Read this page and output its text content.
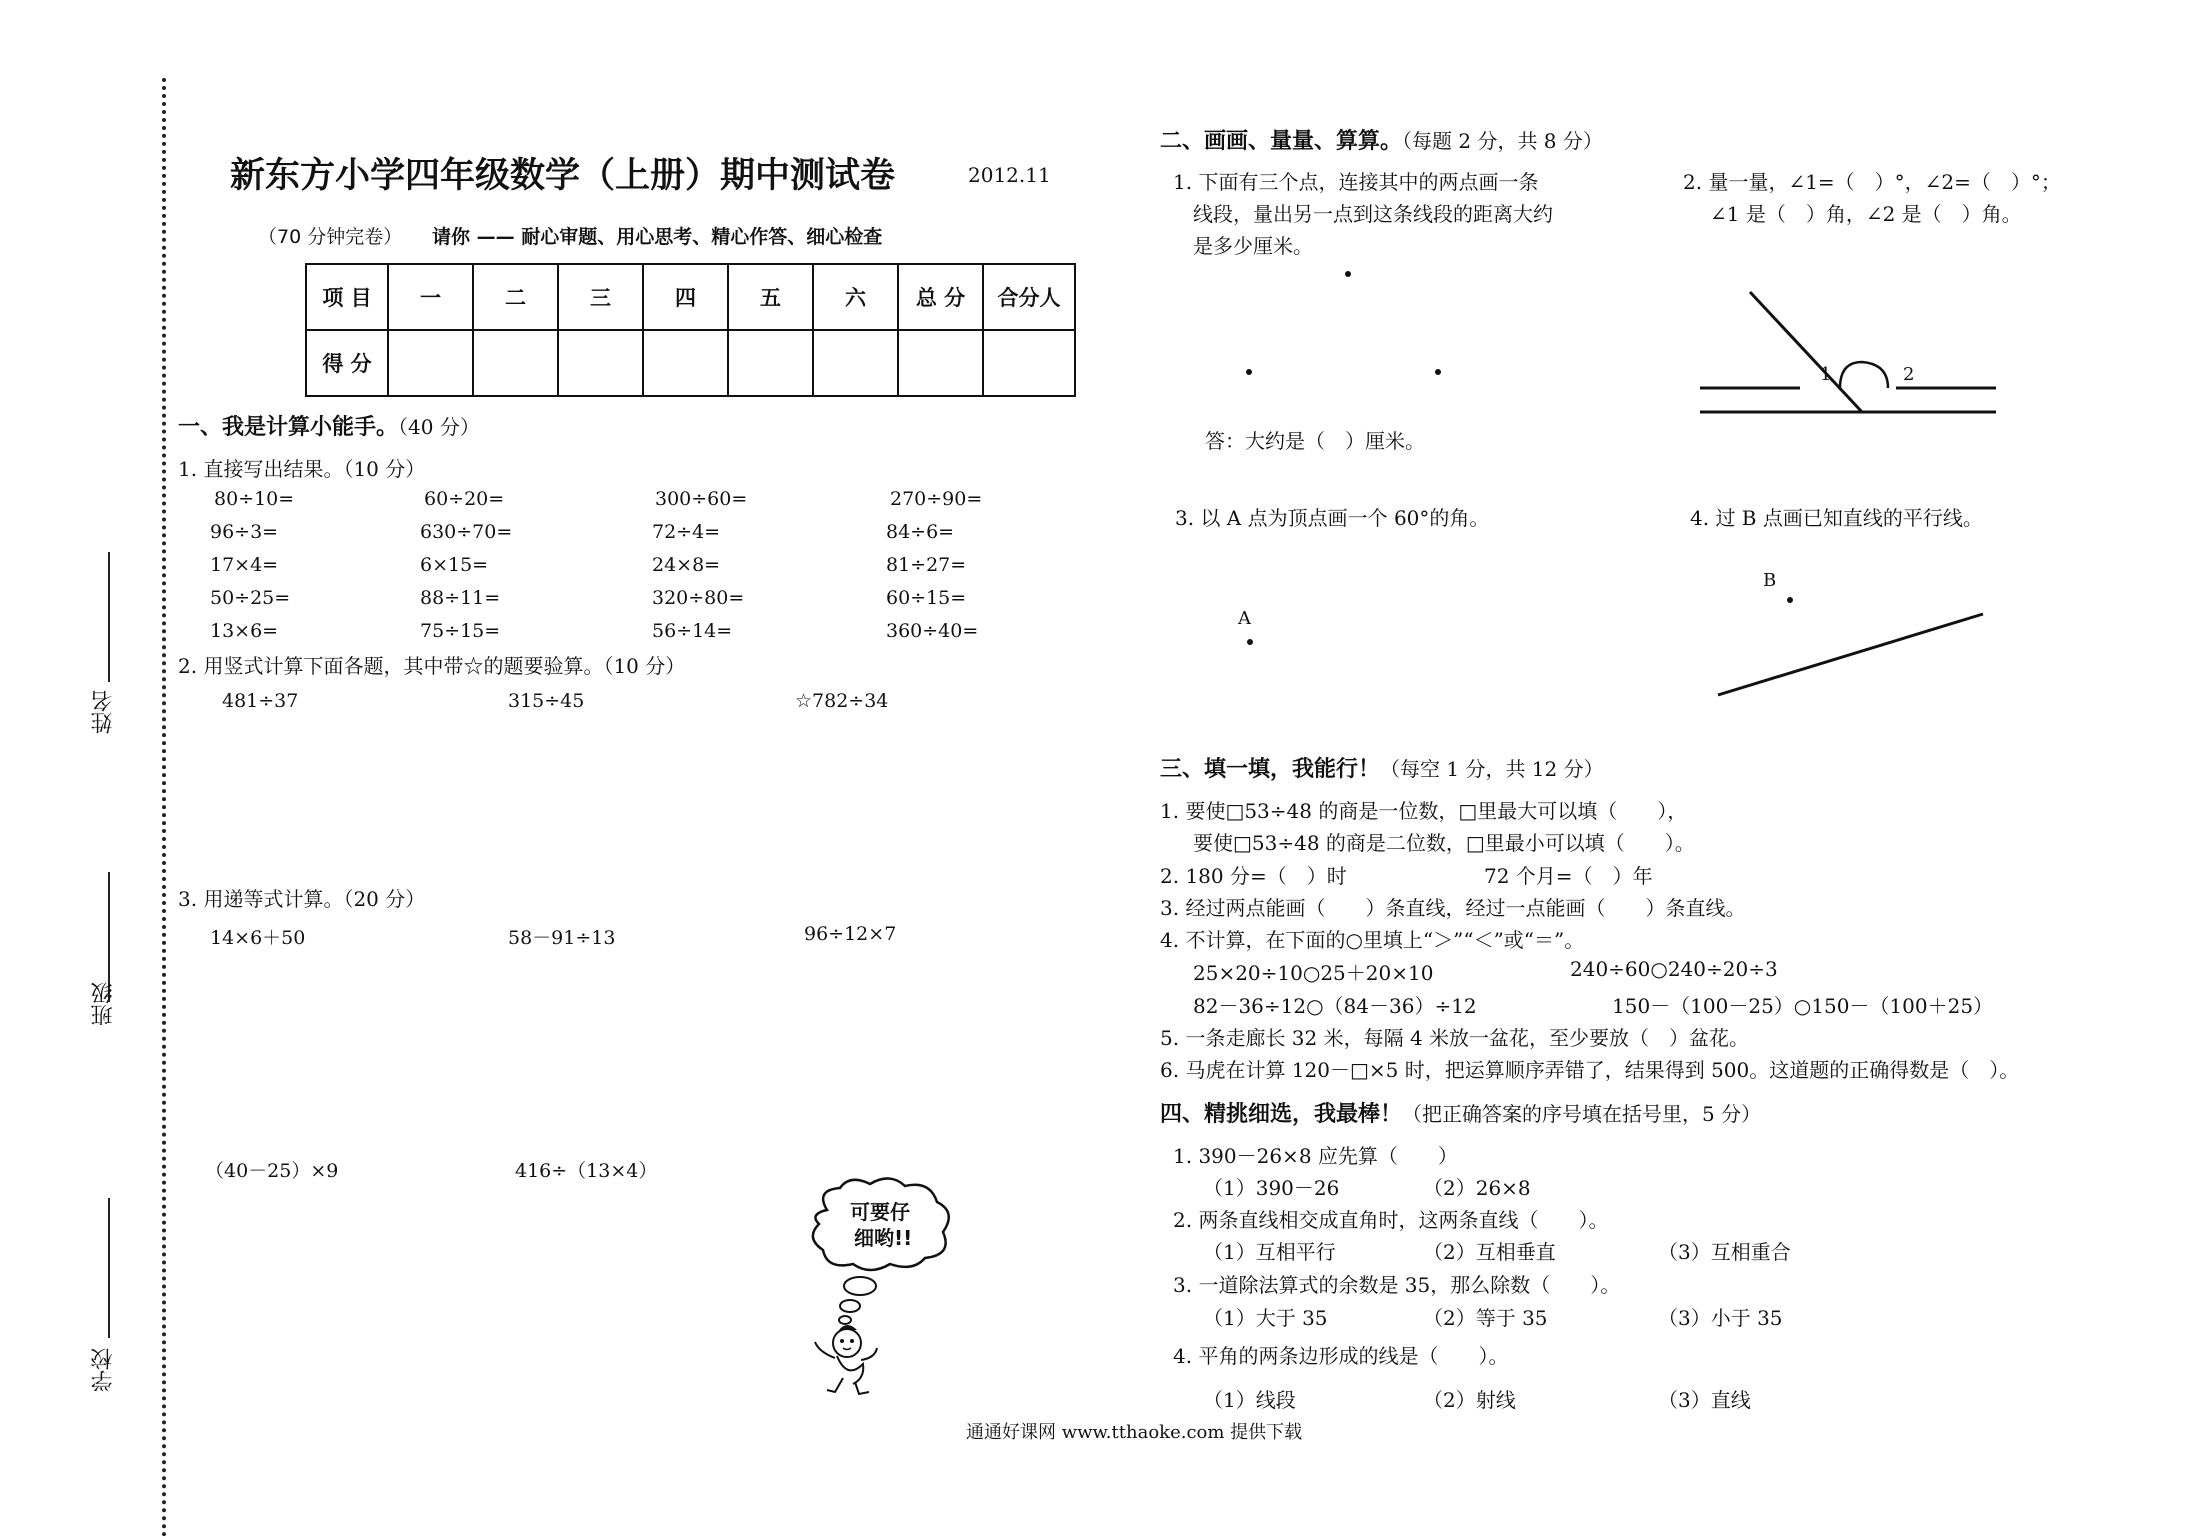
姓名
班级
学校
新东方小学四年级数学（上册）期中测试卷	2012.11
（70 分钟完卷） 请你 —— 耐心审题、用心思考、精心作答、细心检查
项 目	一	二	三	四	五	六	总 分	合分人
得 分								
一、我是计算小能手。（40 分）
1. 直接写出结果。（10 分）
80÷10=	60÷20=	300÷60=	270÷90=
96÷3=	630÷70=	72÷4=	84÷6=
17×4=	6×15=	24×8=	81÷27=
50÷25=	88÷11=	320÷80=	60÷15=
13×6=	75÷15=	56÷14=	360÷40=
2. 用竖式计算下面各题，其中带☆的题要验算。（10 分）
481÷37	315÷45	☆782÷34
3. 用递等式计算。（20 分）
14×6＋50	58－91÷13	96÷12×7
（40－25）×9	416÷（13×4）
可要仔
细哟!!
二、画画、量量、算算。（每题 2 分，共 8 分）
1. 下面有三个点，连接其中的两点画一条
线段，量出另一点到这条线段的距离大约
是多少厘米。
答：大约是（　）厘米。
2. 量一量，∠1=（　）°，∠2=（　）°；
∠1 是（　）角，∠2 是（　）角。
1	2
3. 以 A 点为顶点画一个 60°的角。
A
4. 过 B 点画已知直线的平行线。
B
三、填一填，我能行！（每空 1 分，共 12 分）
1. 要使□53÷48 的商是一位数，□里最大可以填（　　），
要使□53÷48 的商是二位数，□里最小可以填（　　）。
2. 180 分=（　）时	72 个月=（　）年
3. 经过两点能画（　　）条直线，经过一点能画（　　）条直线。
4. 不计算，在下面的○里填上“＞”“＜”或“＝”。
25×20÷10○25＋20×10	240÷60○240÷20÷3
82－36÷12○（84－36）÷12	150－（100－25）○150－（100＋25）
5. 一条走廊长 32 米，每隔 4 米放一盆花，至少要放（　）盆花。
6. 马虎在计算 120－□×5 时，把运算顺序弄错了，结果得到 500。这道题的正确得数是（　）。
四、精挑细选，我最棒！（把正确答案的序号填在括号里，5 分）
1. 390－26×8 应先算（　　）
（1）390－26	（2）26×8
2. 两条直线相交成直角时，这两条直线（　　）。
（1）互相平行	（2）互相垂直	（3）互相重合
3. 一道除法算式的余数是 35，那么除数（　　）。
（1）大于 35	（2）等于 35	（3）小于 35
4. 平角的两条边形成的线是（　　）。
（1）线段	（2）射线	（3）直线
通通好课网 www.tthaoke.com 提供下载
